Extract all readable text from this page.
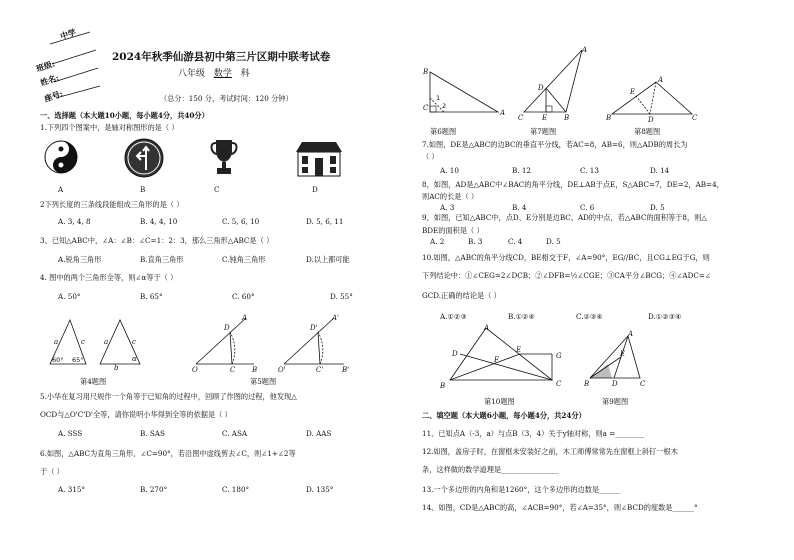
中学
班级:
姓名:
座号:
2024年秋季仙游县初中第三片区期中联考试卷
八年级 数学 科
（总分：150 分，考试时间：120 分钟）
一、选择题（本大题10小题，每小题4分，共40分）
1.下列四个图案中，是轴对称图形的是（ ）
A	B	C	D
2下列长度的三条线段能组成三角形的是（ ）
A. 3, 4, 8	B. 4, 4, 10	C. 5, 6, 10	D. 5, 6, 11
3、已知△ABC中，∠A：∠B：∠C=1：2：3，那么三角形△ABC是（ ）
A.锐角三角形	B.直角三角形	C.钝角三角形	D.以上都可能
4. 图中的两个三角形全等，则∠α等于（ ）
A. 50°	B. 65°	C. 60°	D. 55°
a	c	a	c
b
60° 65°	α
第4题图
O	C B
D
A
O'	C'	B'
D'
A'
第5题图
5.小华在复习用尺规作一个角等于已知角的过程中，回顾了作图的过程，他发现△
OCD与△O'C'D'全等，请你说明小华得到全等的依据是（ ）
A. SSS	B. SAS	C. ASA	D. AAS
6.如图，△ABC为直角三角形，∠C=90°，若沿图中虚线剪去∠C，则∠1+∠2等
于（ ）
A. 315°	B. 270°	C. 180°	D. 135°
B
C
A
1
2
第6题图
C	E B
D
A
第7题图
B	D	C
E
A
第8题图
7.如图，DE是△ABC的边BC的垂直平分线，若AC=8，AB=6，则△ADB的周长为
（ ）
A. 10	B. 12	C. 13	D. 14
8，如图，AD是△ABC中∠BAC的角平分线，DE⊥AB于点E，S△ABC=7，DE=2，AB=4，
则AC的长是（ ）
A. 3	B. 4	C. 6	D. 5
9，如图，已知△ABC中，点D、E分别是边BC、AD的中点，若△ABC的面积等于8，则△
BDE的面积是（ ）
A. 2	B. 3	C. 4	D. 5
10.如图，△ABC的角平分线CD，BE相交于F，∠A=90°，EG//BC，且CG⊥EG于G，则
下列结论中：①∠CEG=2∠DCB；②∠DFB=½∠CGE；③CA平分∠BCG；④∠ADC=∠
GCD.正确的结论是（ ）
A.①②③	B.①②④	C.②③④	D.①②③④
B	C
A
D	E
G
F
第10题图
B	D	C
A
E
第9题图
二、填空题（本大题6小题，每小题4分，共24分）
11、已知点A（-3，a）与点B（3，4）关于y轴对称，则a =________
12.如图，盖房子时，在窗框未安装好之前，木工师傅常常先在窗框上斜钉一根木
条，这样做的数学道理是________________
13.一个多边形的内角和是1260°，这个多边形的边数是______
14、如图，CD是△ABC的高，∠ACB=90°，若∠A=35°，则∠BCD的度数是______°
